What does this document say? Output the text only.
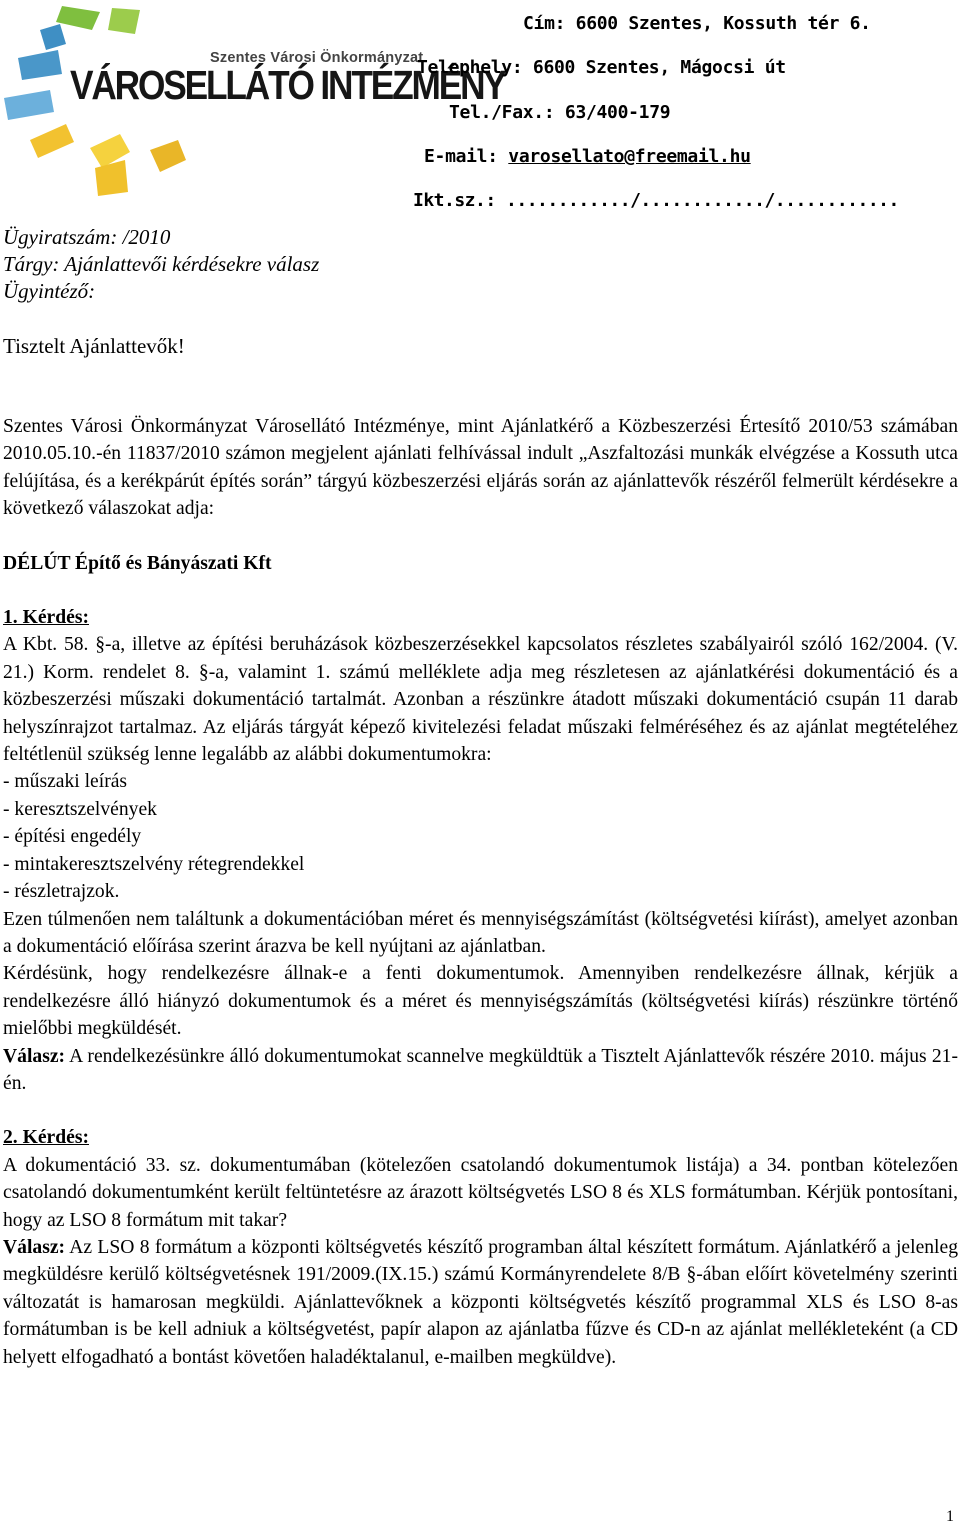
Szentes Városi Önkormányzat
VÁROSELLÁTÓ INTÉZMÉNY
Cím: 6600 Szentes, Kossuth tér 6.
Telephely: 6600 Szentes, Mágocsi út
Tel./Fax.: 63/400-179
E-mail: varosellato@freemail.hu
Ikt.sz.: ............/............/............
Ügyiratszám: /2010
Tárgy: Ajánlattevői kérdésekre válasz
Ügyintéző:
Tisztelt Ajánlattevők!

Szentes Városi Önkormányzat Városellátó Intézménye, mint Ajánlatkérő a Közbeszerzési Értesítő 2010/53 számában 2010.05.10.-én 11837/2010 számon megjelent ajánlati felhívással indult „Aszfaltozási munkák elvégzése a Kossuth utca felújítása, és a kerékpárút építés során” tárgyú közbeszerzési eljárás során az ajánlattevők részéről felmerült kérdésekre a következő válaszokat adja:

DÉLÚT Építő és Bányászati Kft

1. Kérdés:

A Kbt. 58. §-a, illetve az építési beruházások közbeszerzésekkel kapcsolatos részletes szabályairól szóló 162/2004. (V. 21.) Korm. rendelet 8. §-a, valamint 1. számú melléklete adja meg részletesen az ajánlatkérési dokumentáció és a közbeszerzési műszaki dokumentáció tartalmát. Azonban a részünkre átadott műszaki dokumentáció csupán 11 darab helyszínrajzot tartalmaz. Az eljárás tárgyát képező kivitelezési feladat műszaki felméréséhez és az ajánlat megtételéhez feltétlenül szükség lenne legalább az alábbi dokumentumokra:

- műszaki leírás

- keresztszelvények

- építési engedély

- mintakeresztszelvény rétegrendekkel

- részletrajzok.

Ezen túlmenően nem találtunk a dokumentációban méret és mennyiségszámítást (költségvetési kiírást), amelyet azonban a dokumentáció előírása szerint árazva be kell nyújtani az ajánlatban.

Kérdésünk, hogy rendelkezésre állnak-e a fenti dokumentumok. Amennyiben rendelkezésre állnak, kérjük a rendelkezésre álló hiányzó dokumentumok és a méret és mennyiségszámítás (költségvetési kiírás) részünkre történő mielőbbi megküldését.

Válasz: A rendelkezésünkre álló dokumentumokat scannelve megküldtük a Tisztelt Ajánlattevők részére 2010. május 21-én.

2. Kérdés:

A dokumentáció 33. sz. dokumentumában (kötelezően csatolandó dokumentumok listája) a 34. pontban kötelezően csatolandó dokumentumként került feltüntetésre az árazott költségvetés LSO 8 és XLS formátumban. Kérjük pontosítani, hogy az LSO 8 formátum mit takar?

Válasz: Az LSO 8 formátum a központi költségvetés készítő programban által készített formátum. Ajánlatkérő a jelenleg megküldésre kerülő költségvetésnek 191/2009.(IX.15.) számú Kormányrendelete 8/B §-ában előírt követelmény szerinti változatát is hamarosan megküldi. Ajánlattevőknek a központi költségvetés készítő programmal XLS és LSO 8-as formátumban is be kell adniuk a költségvetést, papír alapon az ajánlatba fűzve és CD-n az ajánlat mellékleteként (a CD helyett elfogadható a bontást követően haladéktalanul, e-mailben megküldve).

1
